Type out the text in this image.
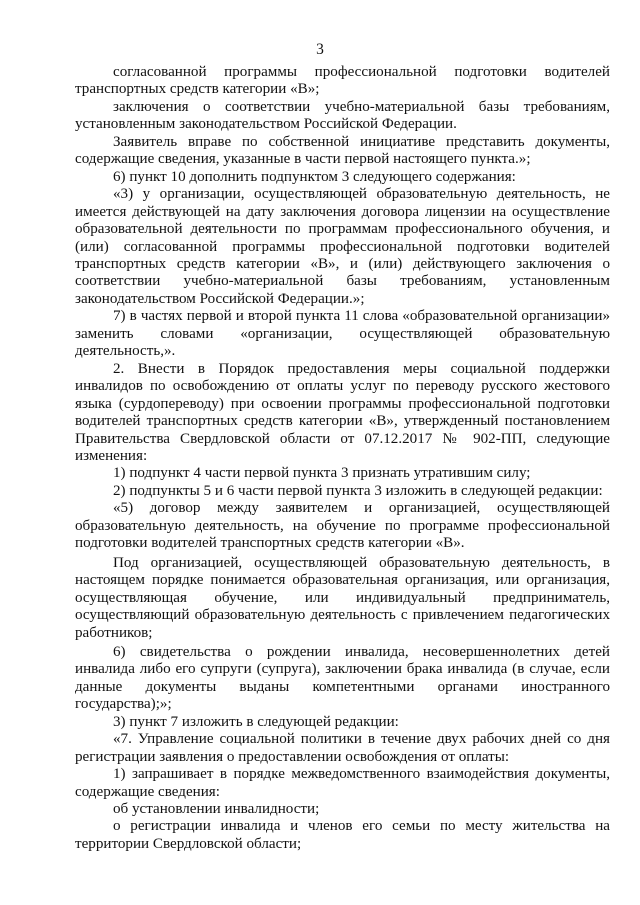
3

согласованной программы профессиональной подготовки водителей транспортных средств категории «B»;

заключения о соответствии учебно-материальной базы требованиям, установленным законодательством Российской Федерации.

Заявитель вправе по собственной инициативе представить документы, содержащие сведения, указанные в части первой настоящего пункта.»;

6) пункт 10 дополнить подпунктом 3 следующего содержания:

«3) у организации, осуществляющей образовательную деятельность, не имеется действующей на дату заключения договора лицензии на осуществление образовательной деятельности по программам профессионального обучения, и (или) согласованной программы профессиональной подготовки водителей транспортных средств категории «B», и (или) действующего заключения о соответствии учебно-материальной базы требованиям, установленным законодательством Российской Федерации.»;

7) в частях первой и второй пункта 11 слова «образовательной организации» заменить словами «организации, осуществляющей образовательную деятельность,».

2. Внести в Порядок предоставления меры социальной поддержки инвалидов по освобождению от оплаты услуг по переводу русского жестового языка (сурдопереводу) при освоении программы профессиональной подготовки водителей транспортных средств категории «B», утвержденный постановлением Правительства Свердловской области от 07.12.2017 № 902-ПП, следующие изменения:

1) подпункт 4 части первой пункта 3 признать утратившим силу;

2) подпункты 5 и 6 части первой пункта 3 изложить в следующей редакции:

«5) договор между заявителем и организацией, осуществляющей образовательную деятельность, на обучение по программе профессиональной подготовки водителей транспортных средств категории «B».

Под организацией, осуществляющей образовательную деятельность, в настоящем порядке понимается образовательная организация, или организация, осуществляющая обучение, или индивидуальный предприниматель, осуществляющий образовательную деятельность с привлечением педагогических работников;

6) свидетельства о рождении инвалида, несовершеннолетних детей инвалида либо его супруги (супруга), заключении брака инвалида (в случае, если данные документы выданы компетентными органами иностранного государства);»;

3) пункт 7 изложить в следующей редакции:

«7. Управление социальной политики в течение двух рабочих дней со дня регистрации заявления о предоставлении освобождения от оплаты:

1) запрашивает в порядке межведомственного взаимодействия документы, содержащие сведения:

об установлении инвалидности;

о регистрации инвалида и членов его семьи по месту жительства на территории Свердловской области;
